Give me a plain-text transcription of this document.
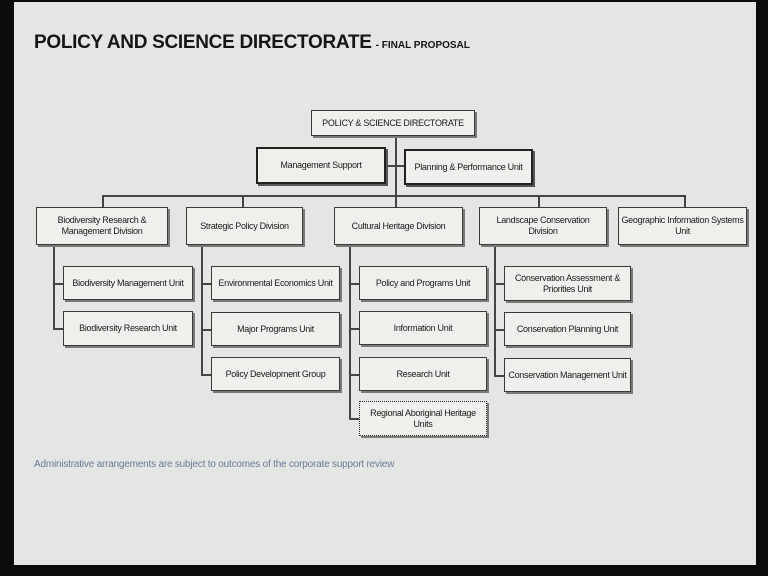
POLICY AND SCIENCE DIRECTORATE - FINAL PROPOSAL
POLICY & SCIENCE DIRECTORATE
Management Support	Planning & Performance Unit
Biodiversity Research & Management Division
Strategic Policy Division	Cultural Heritage Division
Landscape Conservation Division
Geographic Information Systems Unit
Biodiversity Management Unit
Biodiversity Research Unit
Environmental Economics Unit
Major Programs Unit
Policy Development Group
Policy and Programs Unit
Information Unit
Research Unit
Regional Aboriginal Heritage Units
Conservation Assessment & Priorities Unit
Conservation Planning Unit
Conservation Management Unit
Administrative arrangements are subject to outcomes of the corporate support review
